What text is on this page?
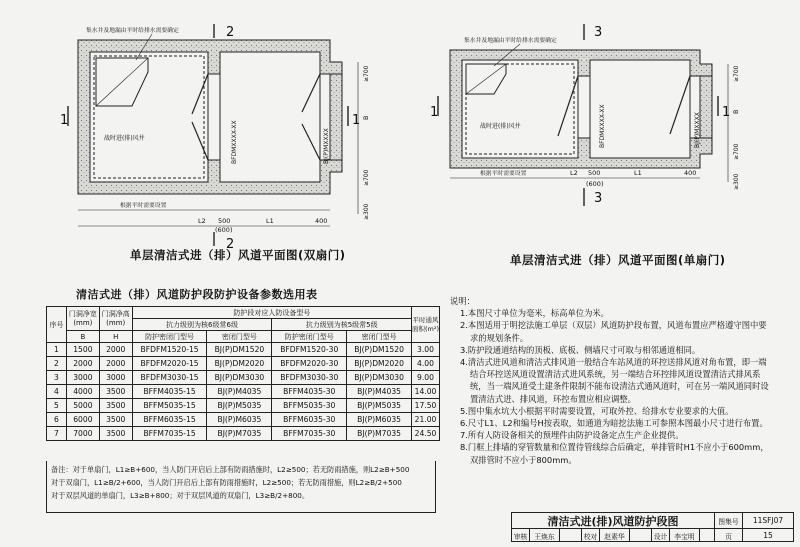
战时进(排)风井
集水井及地漏由平时给排水需要确定
BFDMXXXX-XX	BJ(P)MXXXX
1	1
2
2
根据平时需要设置
L2 500
(600)
L1	400
≥700
B
≥700
≥300
单层清洁式进（排）风道平面图(双扇门)
战时进(排)风井
集水井及地漏由平时给排水需要确定
BFDMXXXX-XX	BJ(P)MXXXX
1	1
3
3
根据平时需要设置	L2 500
(600)
L1	400
≥700
B
≥700
≥300
单层清洁式进（排）风道平面图(单扇门)
清洁式进（排）风道防护段防护设备参数选用表
序号	门洞净宽 (mm)	门洞净高 (mm)	防护段对应人防设备型号				平时通风面积(m²)
			抗力级别为核6级常6级		抗力级别为核5级常5级		
	B	H	防护密闭门型号	密闭门型号	防护密闭门型号	密闭门型号	
1	1500	2000	BFDFM1520-15	BJ(P)DM1520	BFDFM1520-30	BJ(P)DM1520	3.00
2	2000	2000	BFDFM2020-15	BJ(P)DM2020	BFDFM2020-30	BJ(P)DM2020	4.00
3	3000	3000	BFDFM3030-15	BJ(P)DM3030	BFDFM3030-30	BJ(P)DM3030	9.00
4	4000	3500	BFFM4035-15	BJ(P)M4035	BFFM4035-30	BJ(P)M4035	14.00
5	5000	3500	BFFM5035-15	BJ(P)M5035	BFFM5035-30	BJ(P)M5035	17.50
6	6000	3500	BFFM6035-15	BJ(P)M6035	BFFM6035-30	BJ(P)M6035	21.00
7	7000	3500	BFFM7035-15	BJ(P)M7035	BFFM7035-30	BJ(P)M7035	24.50
备注：对于单扇门，L1≥B+600，当人防门开启后上部有防雨措施时，L2≥500；若无防雨措施，则L2≥B+500
对于双扇门，L1≥B/2+600，当人防门开启后上部有防雨措施时，L2≥500；若无防雨措施，则L2≥B/2+500
对于双层风道的单扇门，L3≥B+800；对于双层风道的双扇门，L3≥B/2+800。
说明：
1.本图尺寸单位为毫米，标高单位为米。
2.本图适用于明挖法施工单层（双层）风道防护段布置，风道布置应严格遵守图中要
求的规划条件。
3.防护段通道结构的顶板、底板、侧墙尺寸可取与相邻通道相同。
4.清洁式进风道和清洁式排风道一般结合车站风道的环控送排风道对角布置，即一端
结合环控送风道设置清洁式进风系统，另一端结合环控排风道设置清洁式排风系
统，当一端风道受土建条件限制不能布设清洁式通风道时，可在另一端风道同时设
置清洁式进、排风道，环控布置应相应调整。
5.图中集水坑大小根据平时需要设置，可取外控、给排水专业要求的大值。
6.尺寸L1、L2和编号H按表取，如通道为暗挖法施工可参照本图最小尺寸进行布置。
7.所有人防设备相关的预埋件由防护设备定点生产企业提供。
8.门框上排墙的穿管数量和位置待管线综合后确定，单排管时H1不应小于600mm，
双排管时不应小于800mm。
清洁式进(排)风道防护段图	图集号	11SFJ07
审核	王焕东	校对	赵素华	设计	李宝明	页	15
